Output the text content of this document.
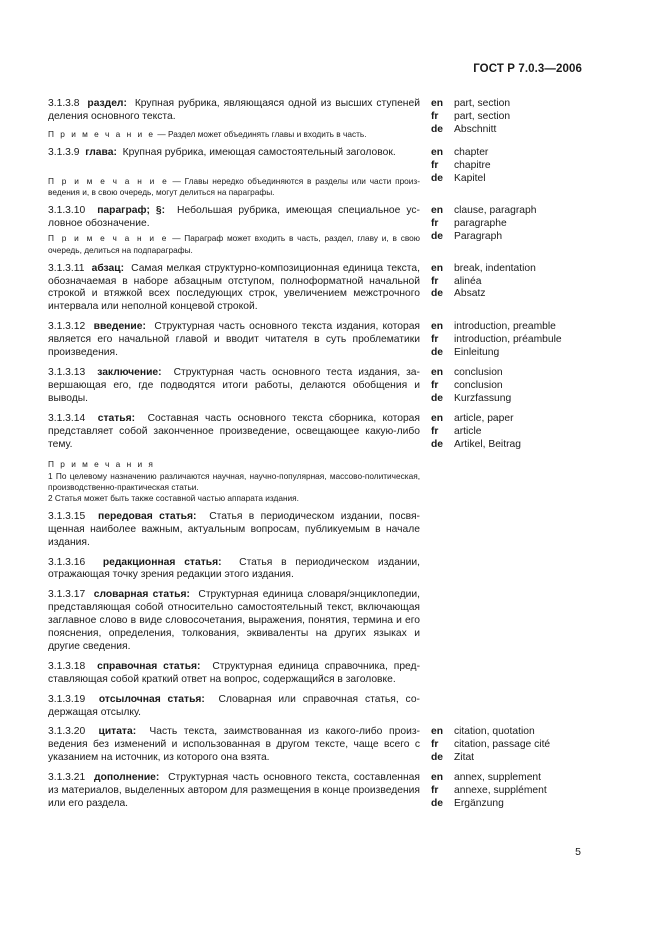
ГОСТ Р 7.0.3—2006
3.1.3.8 раздел: Крупная рубрика, являющаяся одной из высших ступеней деления основного текста.
en	part, section
fr	part, section
de	Abschnitt
П р и м е ч а н и е — Раздел может объединять главы и входить в часть.
3.1.3.9 глава: Крупная рубрика, имеющая самостоятельный заголовок.	en	chapter
fr	chapitre
de	Kapitel
П р и м е ч а н и е — Главы нередко объединяются в разделы или части произведения и, в свою очередь, могут делиться на параграфы.
3.1.3.10 параграф; §: Небольшая рубрика, имеющая специальное условное обозначение.
en	clause, paragraph
fr	paragraphe
de	Paragraph
П р и м е ч а н и е — Параграф может входить в часть, раздел, главу и, в свою очередь, делиться на подпараграфы.
3.1.3.11 абзац: Самая мелкая структурно-композиционная единица текста, обозначаемая в наборе абзацным отступом, полноформатной начальной строкой и втяжкой всех последующих строк, увеличением межстрочного интервала или неполной концевой строкой.
en	break, indentation
fr	alinéa
de	Absatz
3.1.3.12 введение: Структурная часть основного текста издания, которая является его начальной главой и вводит читателя в суть проблематики произведения.
en	introduction, preamble
fr	introduction, préambule
de	Einleitung
3.1.3.13 заключение: Структурная часть основного теста издания, завершающая его, где подводятся итоги работы, делаются обобщения и выводы.
en	conclusion
fr	conclusion
de	Kurzfassung
3.1.3.14 статья: Составная часть основного текста сборника, которая представляет собой законченное произведение, освещающее какую-либо тему.
en	article, paper
fr	article
de	Artikel, Beitrag
П р и м е ч а н и я
1 По целевому назначению различаются научная, научно-популярная, массово-политическая, производственно-практическая статьи.
2 Статья может быть также составной частью аппарата издания.
3.1.3.15 передовая статья: Статья в периодическом издании, посвященная наиболее важным, актуальным вопросам, публикуемым в начале издания.
3.1.3.16 редакционная статья: Статья в периодическом издании, отражающая точку зрения редакции этого издания.
3.1.3.17 словарная статья: Структурная единица словаря/энциклопедии, представляющая собой относительно самостоятельный текст, включающая заглавное слово в виде словосочетания, выражения, понятия, термина и его пояснения, определения, толкования, эквиваленты на других языках и другие сведения.
3.1.3.18 справочная статья: Структурная единица справочника, представляющая собой краткий ответ на вопрос, содержащийся в заголовке.
3.1.3.19 отсылочная статья: Словарная или справочная статья, содержащая отсылку.
3.1.3.20 цитата: Часть текста, заимствованная из какого-либо произведения без изменений и использованная в другом тексте, чаще всего с указанием на источник, из которого она взята.
en	citation, quotation
fr	citation, passage cité
de	Zitat
3.1.3.21 дополнение: Структурная часть основного текста, составленная из материалов, выделенных автором для размещения в конце произведения или его раздела.
en	annex, supplement
fr	annexe, supplément
de	Ergänzung
5
